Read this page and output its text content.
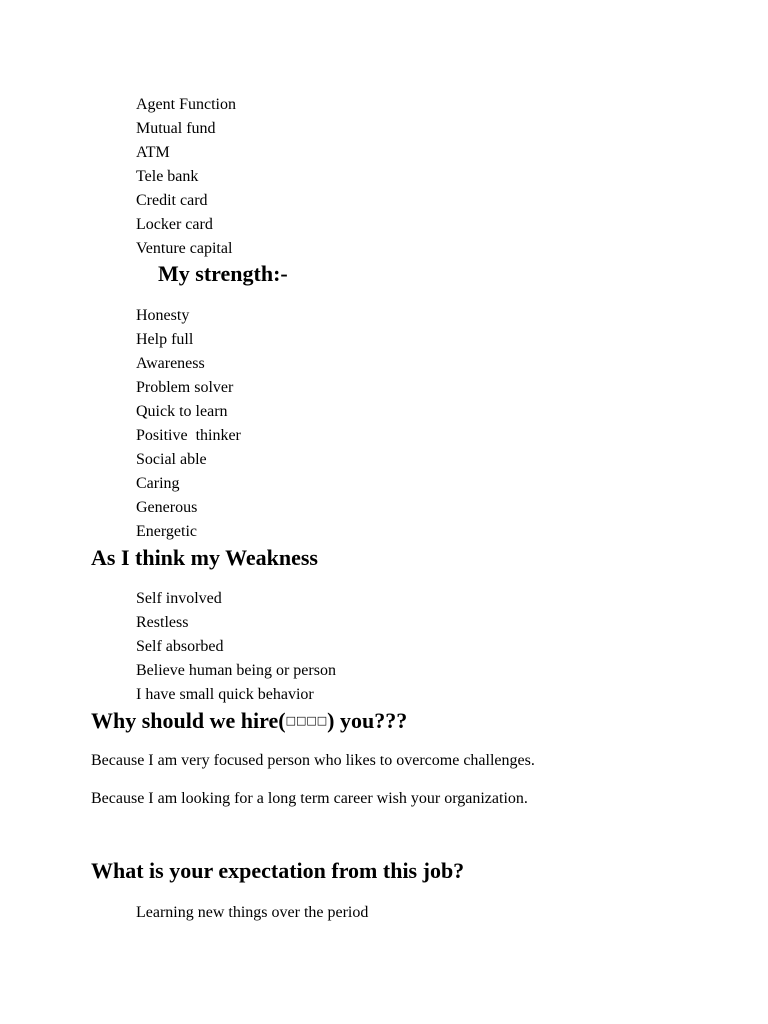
Agent Function
Mutual fund
ATM
Tele bank
Credit card
Locker card
Venture capital
My strength:-
Honesty
Help full
Awareness
Problem solver
Quick to learn
Positive  thinker
Social able
Caring
Generous
Energetic
As I think my Weakness
Self involved
Restless
Self absorbed
Believe human being or person
I have small quick behavior
Why should we hire(□□□□) you???

Because I am very focused person who likes to overcome challenges.

Because I am looking for a long term career wish your organization.

What is your expectation from this job?
Learning new things over the period
